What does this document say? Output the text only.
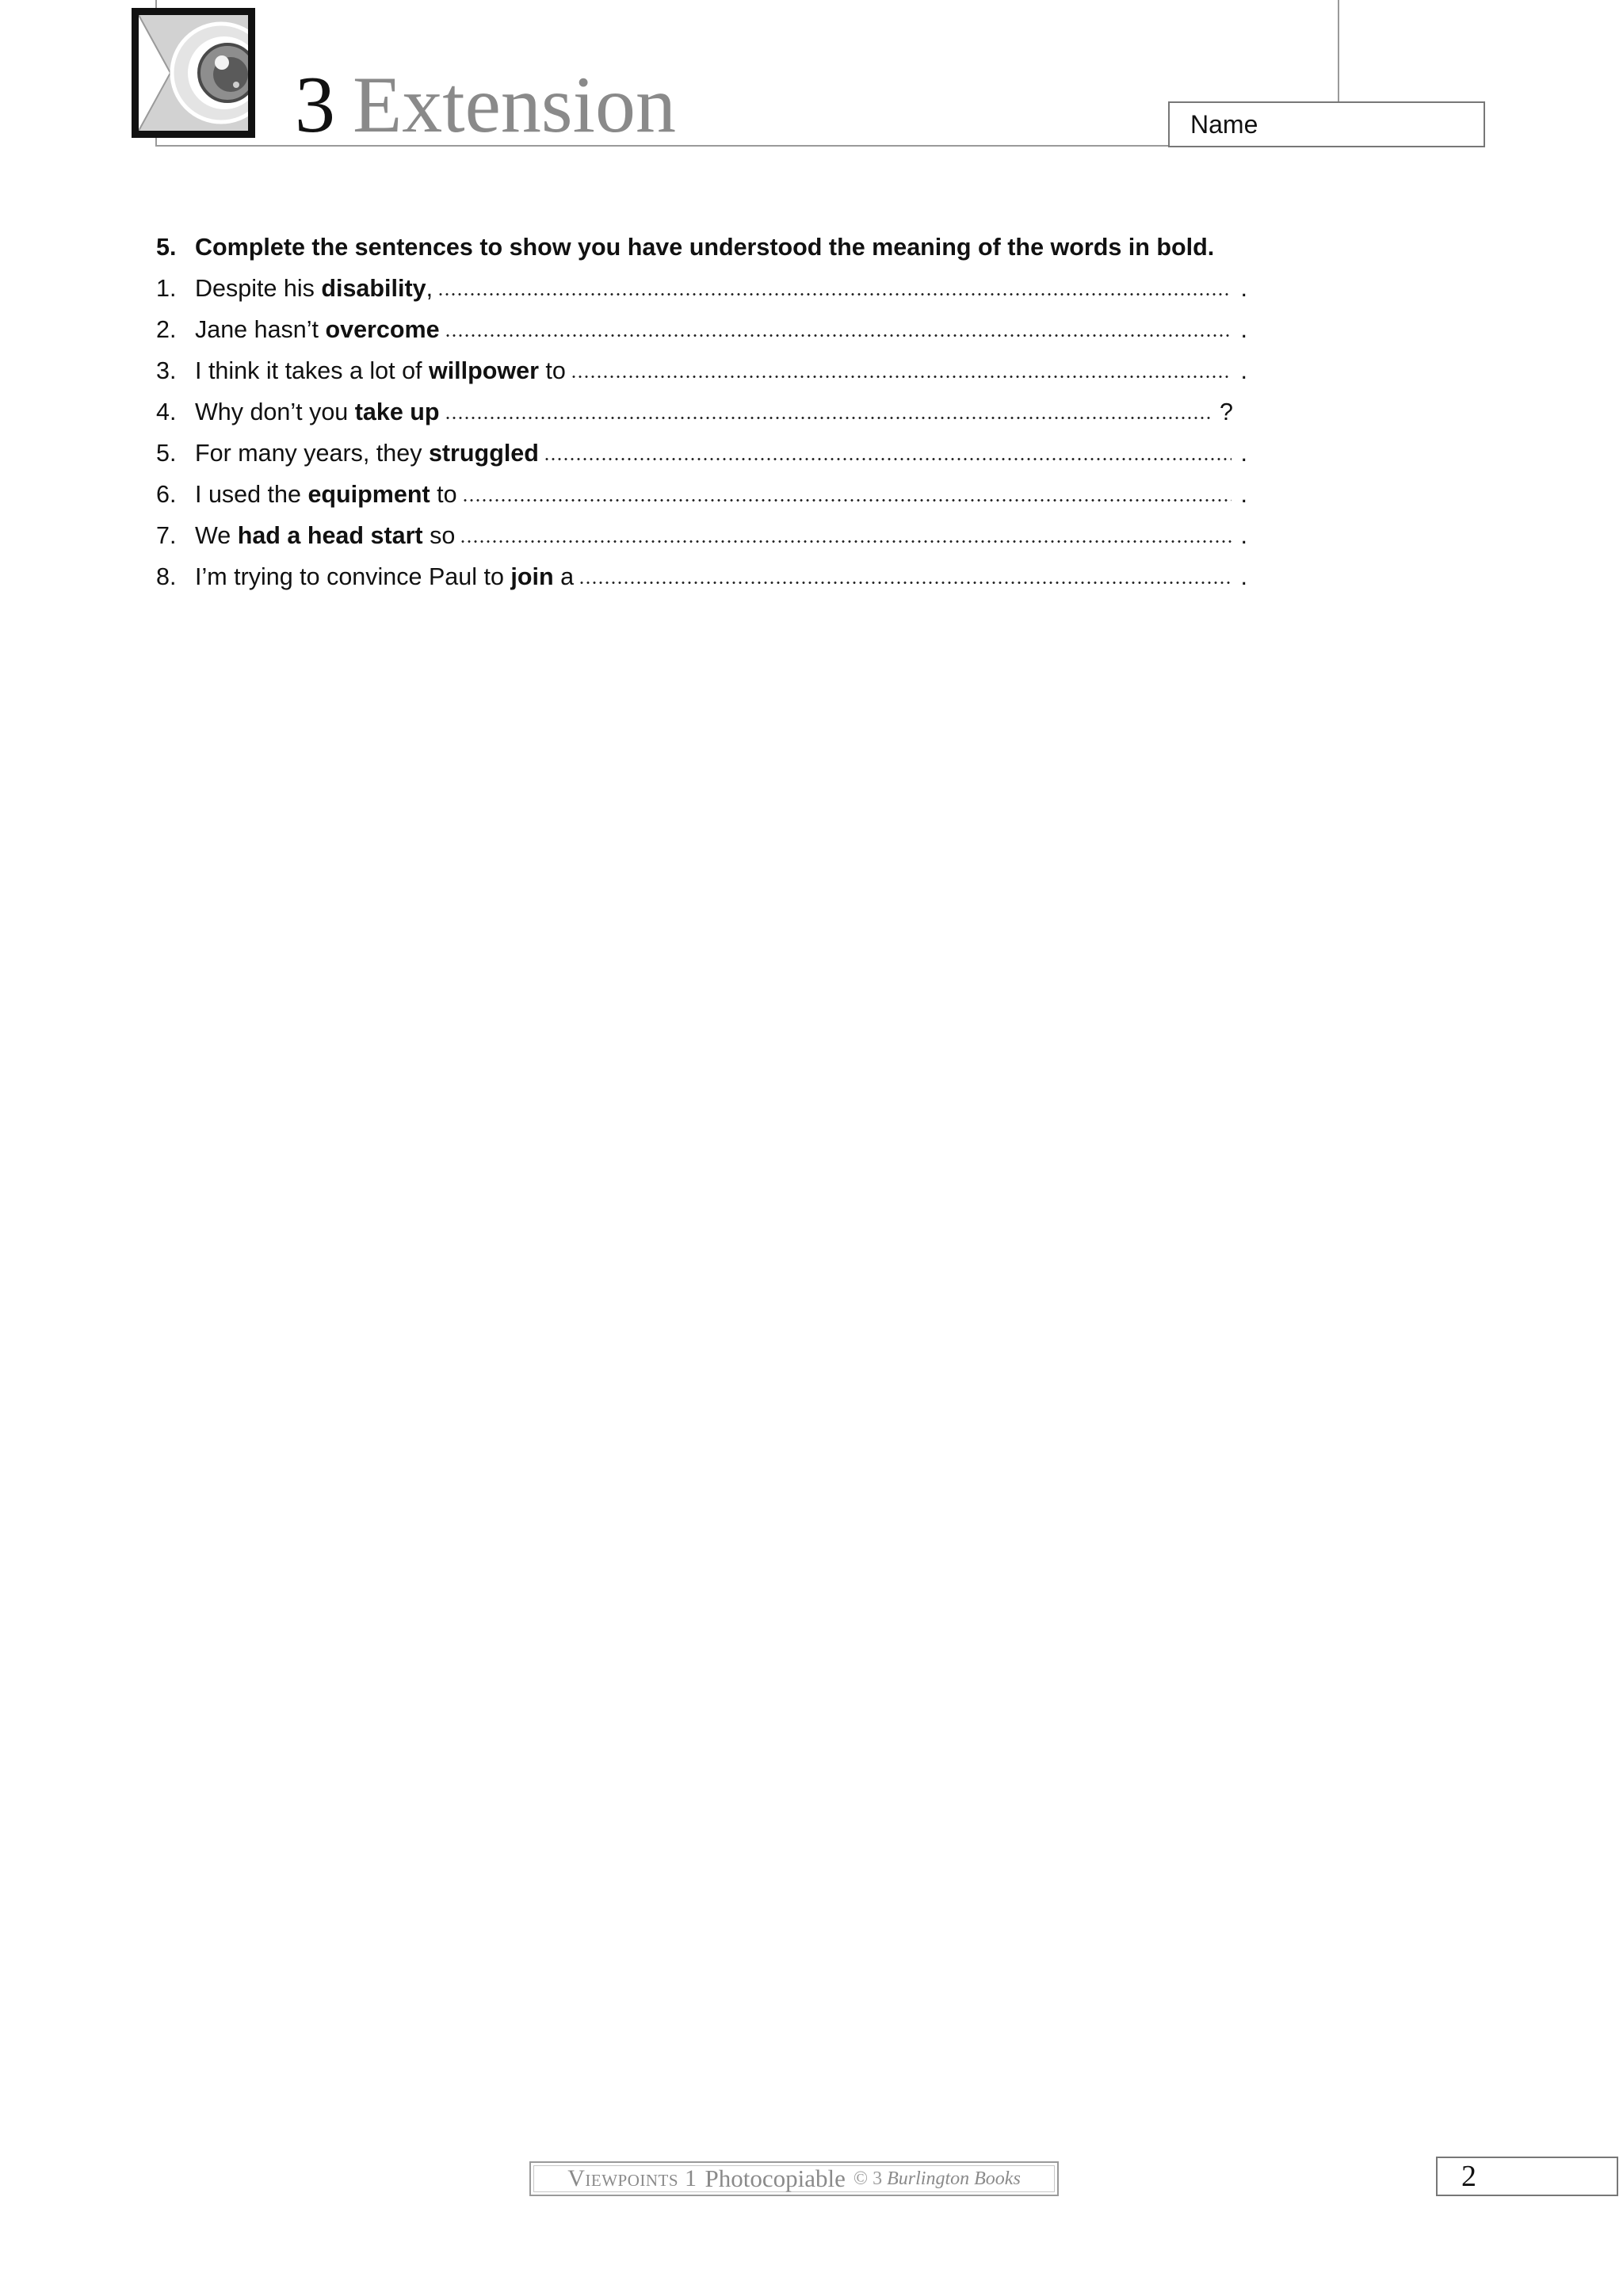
3 Extension	Name
5. Complete the sentences to show you have understood the meaning of the words in bold.
1. Despite his disability,	.
2. Jane hasn’t overcome	.
3. I think it takes a lot of willpower to	.
4. Why don’t you take up	?
5. For many years, they struggled	.
6. I used the equipment to	.
7. We had a head start so	.
8. I’m trying to convince Paul to join a	.
Viewpoints 1 Photocopiable © 3 Burlington Books	2
